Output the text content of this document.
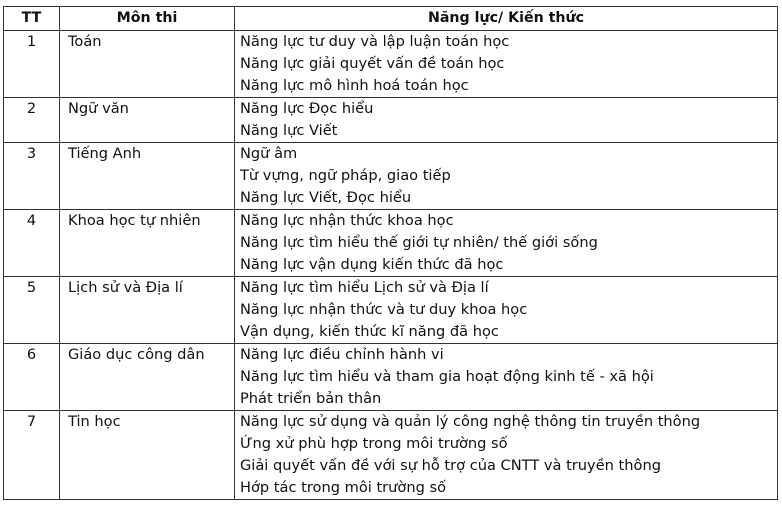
TT	Môn thi	Năng lực/ Kiến thức
1	Toán	Năng lực tư duy và lập luận toán học
Năng lực giải quyết vấn đề toán học
Năng lực mô hình hoá toán học

2	Ngữ văn	Năng lực Đọc hiểu
Năng lực Viết

3	Tiếng Anh	Ngữ âm
Từ vựng, ngữ pháp, giao tiếp
Năng lực Viết, Đọc hiểu

4	Khoa học tự nhiên	Năng lực nhận thức khoa học
Năng lực tìm hiểu thế giới tự nhiên/ thế giới sống
Năng lực vận dụng kiến thức đã học

5	Lịch sử và Địa lí	Năng lực tìm hiểu Lịch sử và Địa lí
Năng lực nhận thức và tư duy khoa học
Vận dụng, kiến thức kĩ năng đã học

6	Giáo dục công dân	Năng lực điều chỉnh hành vi
Năng lực tìm hiểu và tham gia hoạt động kinh tế - xã hội
Phát triển bản thân

7	Tin học	Năng lực sử dụng và quản lý công nghệ thông tin truyền thông
Ứng xử phù hợp trong môi trường số
Giải quyết vấn đề với sự hỗ trợ của CNTT và truyền thông
Hớp tác trong môi trường số
